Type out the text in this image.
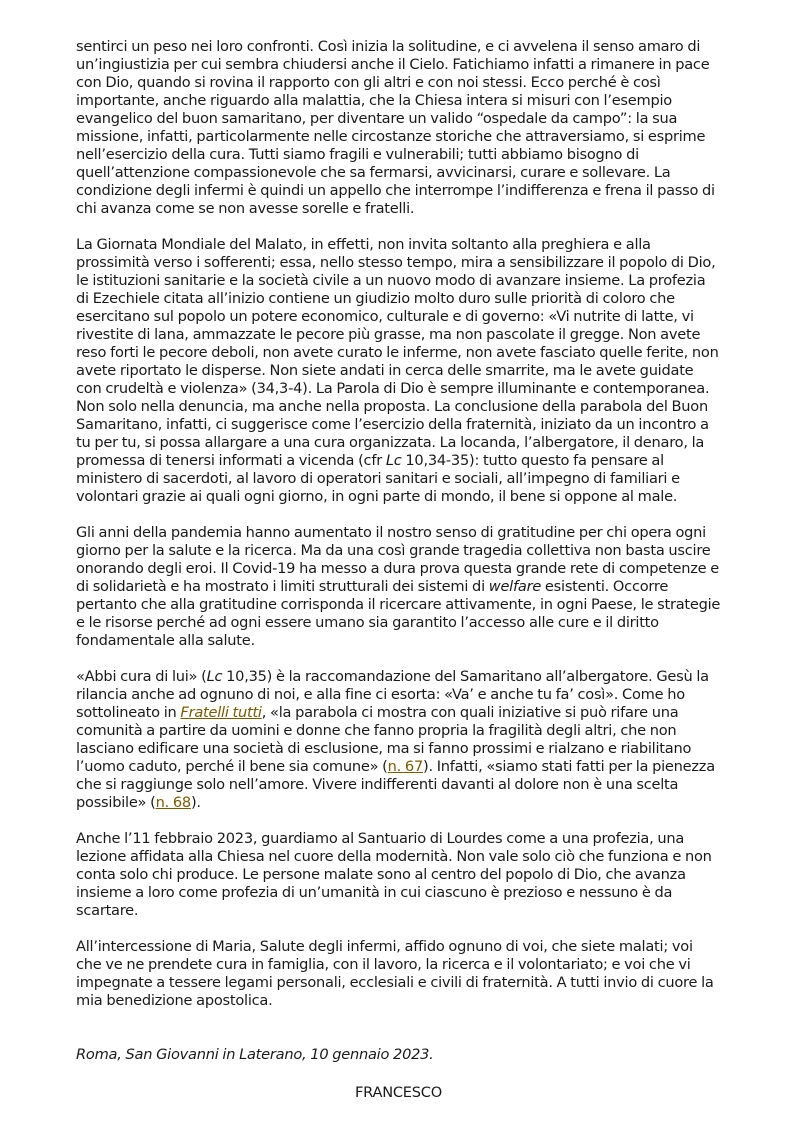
sentirci un peso nei loro confronti. Così inizia la solitudine, e ci avvelena il senso amaro di un’ingiustizia per cui sembra chiudersi anche il Cielo. Fatichiamo infatti a rimanere in pace con Dio, quando si rovina il rapporto con gli altri e con noi stessi. Ecco perché è così importante, anche riguardo alla malattia, che la Chiesa intera si misuri con l’esempio evangelico del buon samaritano, per diventare un valido “ospedale da campo”: la sua missione, infatti, particolarmente nelle circostanze storiche che attraversiamo, si esprime nell’esercizio della cura. Tutti siamo fragili e vulnerabili; tutti abbiamo bisogno di quell’attenzione compassionevole che sa fermarsi, avvicinarsi, curare e sollevare. La condizione degli infermi è quindi un appello che interrompe l’indifferenza e frena il passo di chi avanza come se non avesse sorelle e fratelli.

La Giornata Mondiale del Malato, in effetti, non invita soltanto alla preghiera e alla prossimità verso i sofferenti; essa, nello stesso tempo, mira a sensibilizzare il popolo di Dio, le istituzioni sanitarie e la società civile a un nuovo modo di avanzare insieme. La profezia di Ezechiele citata all’inizio contiene un giudizio molto duro sulle priorità di coloro che esercitano sul popolo un potere economico, culturale e di governo: «Vi nutrite di latte, vi rivestite di lana, ammazzate le pecore più grasse, ma non pascolate il gregge. Non avete reso forti le pecore deboli, non avete curato le inferme, non avete fasciato quelle ferite, non avete riportato le disperse. Non siete andati in cerca delle smarrite, ma le avete guidate con crudeltà e violenza» (34,3-4). La Parola di Dio è sempre illuminante e contemporanea. Non solo nella denuncia, ma anche nella proposta. La conclusione della parabola del Buon Samaritano, infatti, ci suggerisce come l’esercizio della fraternità, iniziato da un incontro a tu per tu, si possa allargare a una cura organizzata. La locanda, l’albergatore, il denaro, la promessa di tenersi informati a vicenda (cfr Lc 10,34-35): tutto questo fa pensare al ministero di sacerdoti, al lavoro di operatori sanitari e sociali, all’impegno di familiari e volontari grazie ai quali ogni giorno, in ogni parte di mondo, il bene si oppone al male.

Gli anni della pandemia hanno aumentato il nostro senso di gratitudine per chi opera ogni giorno per la salute e la ricerca. Ma da una così grande tragedia collettiva non basta uscire onorando degli eroi. Il Covid-19 ha messo a dura prova questa grande rete di competenze e di solidarietà e ha mostrato i limiti strutturali dei sistemi di welfare esistenti. Occorre pertanto che alla gratitudine corrisponda il ricercare attivamente, in ogni Paese, le strategie e le risorse perché ad ogni essere umano sia garantito l’accesso alle cure e il diritto fondamentale alla salute.

«Abbi cura di lui» (Lc 10,35) è la raccomandazione del Samaritano all’albergatore. Gesù la rilancia anche ad ognuno di noi, e alla fine ci esorta: «Va’ e anche tu fa’ così». Come ho sottolineato in Fratelli tutti, «la parabola ci mostra con quali iniziative si può rifare una comunità a partire da uomini e donne che fanno propria la fragilità degli altri, che non lasciano edificare una società di esclusione, ma si fanno prossimi e rialzano e riabilitano l’uomo caduto, perché il bene sia comune» (n. 67). Infatti, «siamo stati fatti per la pienezza che si raggiunge solo nell’amore. Vivere indifferenti davanti al dolore non è una scelta possibile» (n. 68).

Anche l’11 febbraio 2023, guardiamo al Santuario di Lourdes come a una profezia, una lezione affidata alla Chiesa nel cuore della modernità. Non vale solo ciò che funziona e non conta solo chi produce. Le persone malate sono al centro del popolo di Dio, che avanza insieme a loro come profezia di un’umanità in cui ciascuno è prezioso e nessuno è da scartare.

All’intercessione di Maria, Salute degli infermi, affido ognuno di voi, che siete malati; voi che ve ne prendete cura in famiglia, con il lavoro, la ricerca e il volontariato; e voi che vi impegnate a tessere legami personali, ecclesiali e civili di fraternità. A tutti invio di cuore la mia benedizione apostolica.

Roma, San Giovanni in Laterano, 10 gennaio 2023.
FRANCESCO
